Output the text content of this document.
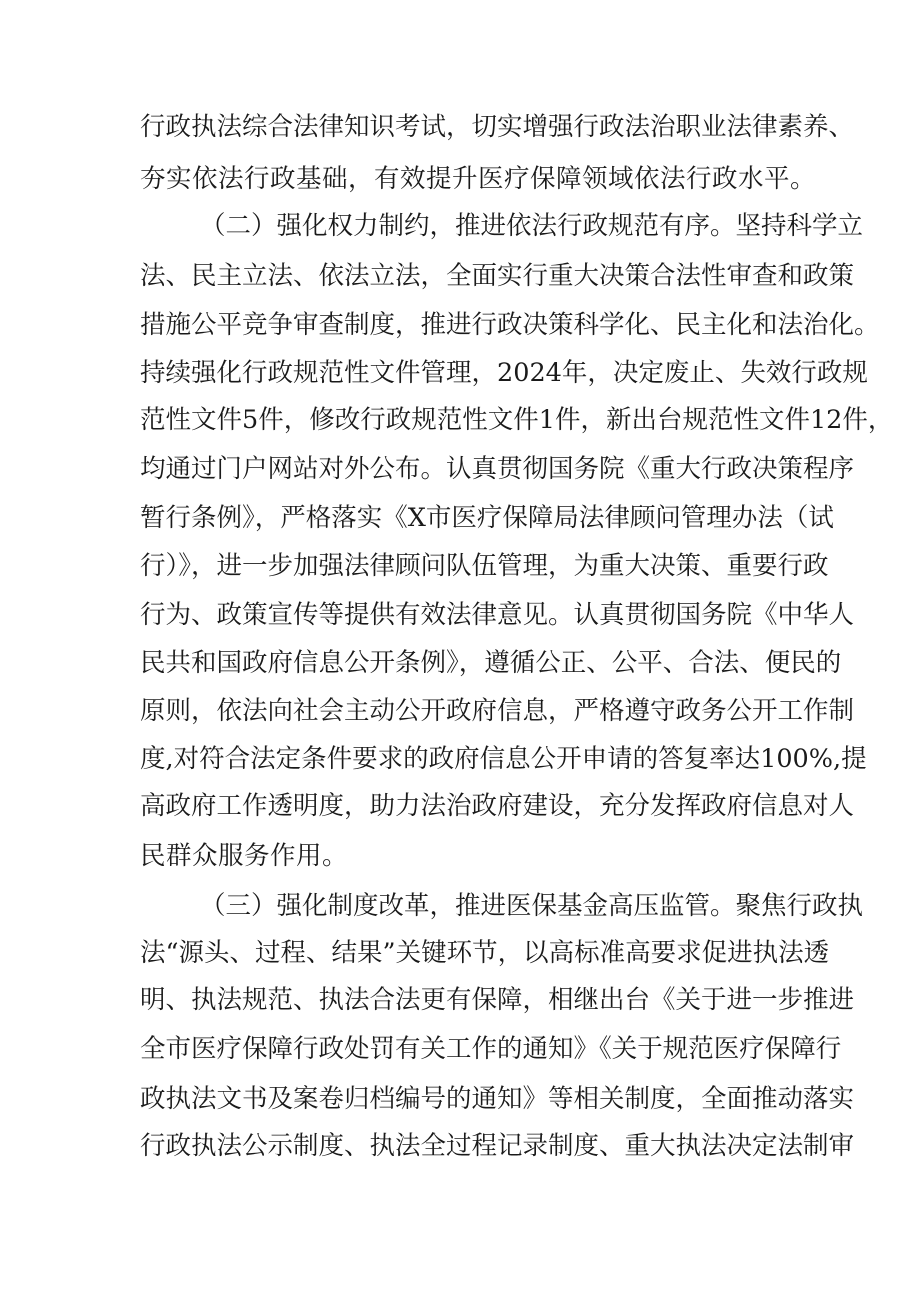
行政执法综合法律知识考试，切实增强行政法治职业法律素养、
夯实依法行政基础，有效提升医疗保障领域依法行政水平。
（二）强化权力制约，推进依法行政规范有序。坚持科学立
法、民主立法、依法立法，全面实行重大决策合法性审查和政策
措施公平竞争审查制度，推进行政决策科学化、民主化和法治化。
持续强化行政规范性文件管理，2024年，决定废止、失效行政规
范性文件5件，修改行政规范性文件1件，新出台规范性文件12件，
均通过门户网站对外公布。认真贯彻国务院《重大行政决策程序
暂行条例》，严格落实《X市医疗保障局法律顾问管理办法（试
行）》，进一步加强法律顾问队伍管理，为重大决策、重要行政
行为、政策宣传等提供有效法律意见。认真贯彻国务院《中华人
民共和国政府信息公开条例》，遵循公正、公平、合法、便民的
原则，依法向社会主动公开政府信息，严格遵守政务公开工作制
度,对符合法定条件要求的政府信息公开申请的答复率达100%,提
高政府工作透明度，助力法治政府建设，充分发挥政府信息对人
民群众服务作用。
（三）强化制度改革，推进医保基金高压监管。聚焦行政执
法“源头、过程、结果”关键环节，以高标准高要求促进执法透
明、执法规范、执法合法更有保障，相继出台《关于进一步推进
全市医疗保障行政处罚有关工作的通知》《关于规范医疗保障行
政执法文书及案卷归档编号的通知》等相关制度，全面推动落实
行政执法公示制度、执法全过程记录制度、重大执法决定法制审
